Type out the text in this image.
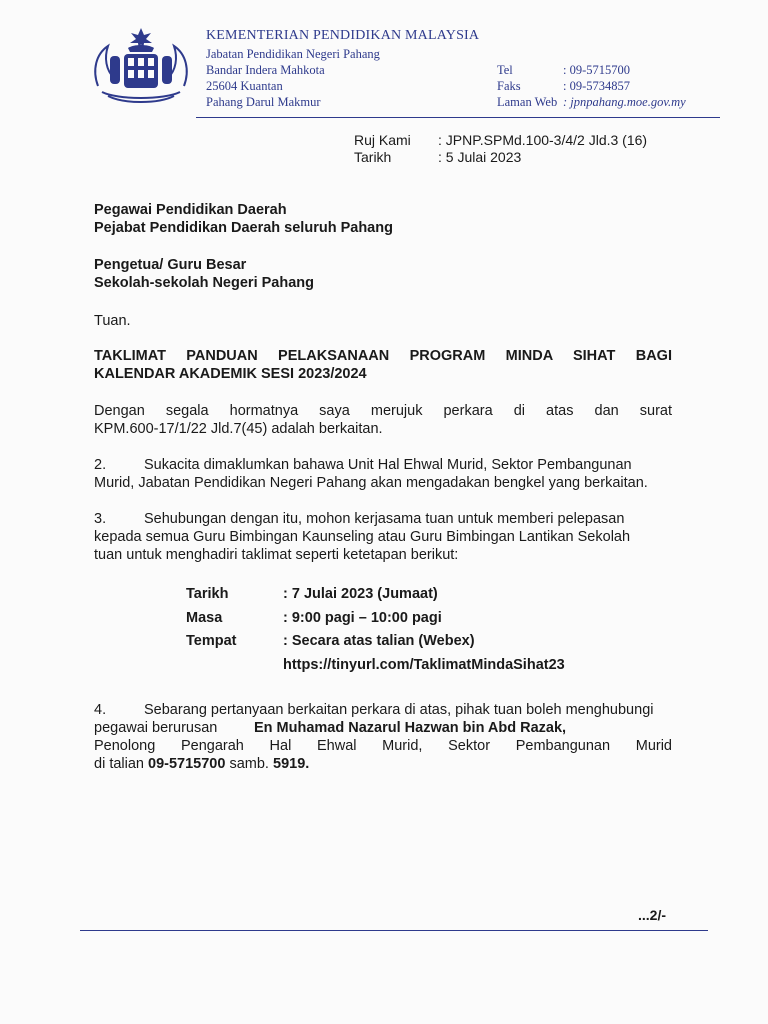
KEMENTERIAN PENDIDIKAN MALAYSIA
Jabatan Pendidikan Negeri Pahang
Bandar Indera Mahkota
25604 Kuantan
Pahang Darul Makmur
Tel	: 09-5715700
Faks	: 09-5734857
Laman Web : jpnpahang.moe.gov.my
Ruj Kami	: JPNP.SPMd.100-3/4/2 Jld.3 (16)
Tarikh	: 5 Julai 2023
Pegawai Pendidikan Daerah
Pejabat Pendidikan Daerah seluruh Pahang
Pengetua/ Guru Besar
Sekolah-sekolah Negeri Pahang
Tuan.
TAKLIMAT PANDUAN PELAKSANAAN PROGRAM MINDA SIHAT BAGI
KALENDAR AKADEMIK SESI 2023/2024
Dengan segala hormatnya saya merujuk perkara di atas dan surat
KPM.600-17/1/22 Jld.7(45) adalah berkaitan.
2.	Sukacita dimaklumkan bahawa Unit Hal Ehwal Murid, Sektor Pembangunan
Murid, Jabatan Pendidikan Negeri Pahang akan mengadakan bengkel yang berkaitan.
3.	Sehubungan dengan itu, mohon kerjasama tuan untuk memberi pelepasan
kepada semua Guru Bimbingan Kaunseling atau Guru Bimbingan Lantikan Sekolah
tuan untuk menghadiri taklimat seperti ketetapan berikut:
Tarikh	: 7 Julai 2023 (Jumaat)
Masa	: 9:00 pagi – 10:00 pagi
Tempat	: Secara atas talian (Webex)
https://tinyurl.com/TaklimatMindaSihat23
4.	Sebarang pertanyaan berkaitan perkara di atas, pihak tuan boleh menghubungi
pegawai berurusan	En Muhamad Nazarul Hazwan bin Abd Razak,
Penolong Pengarah Hal Ehwal Murid, Sektor Pembangunan Murid
di talian 09-5715700 samb. 5919.
...2/-
